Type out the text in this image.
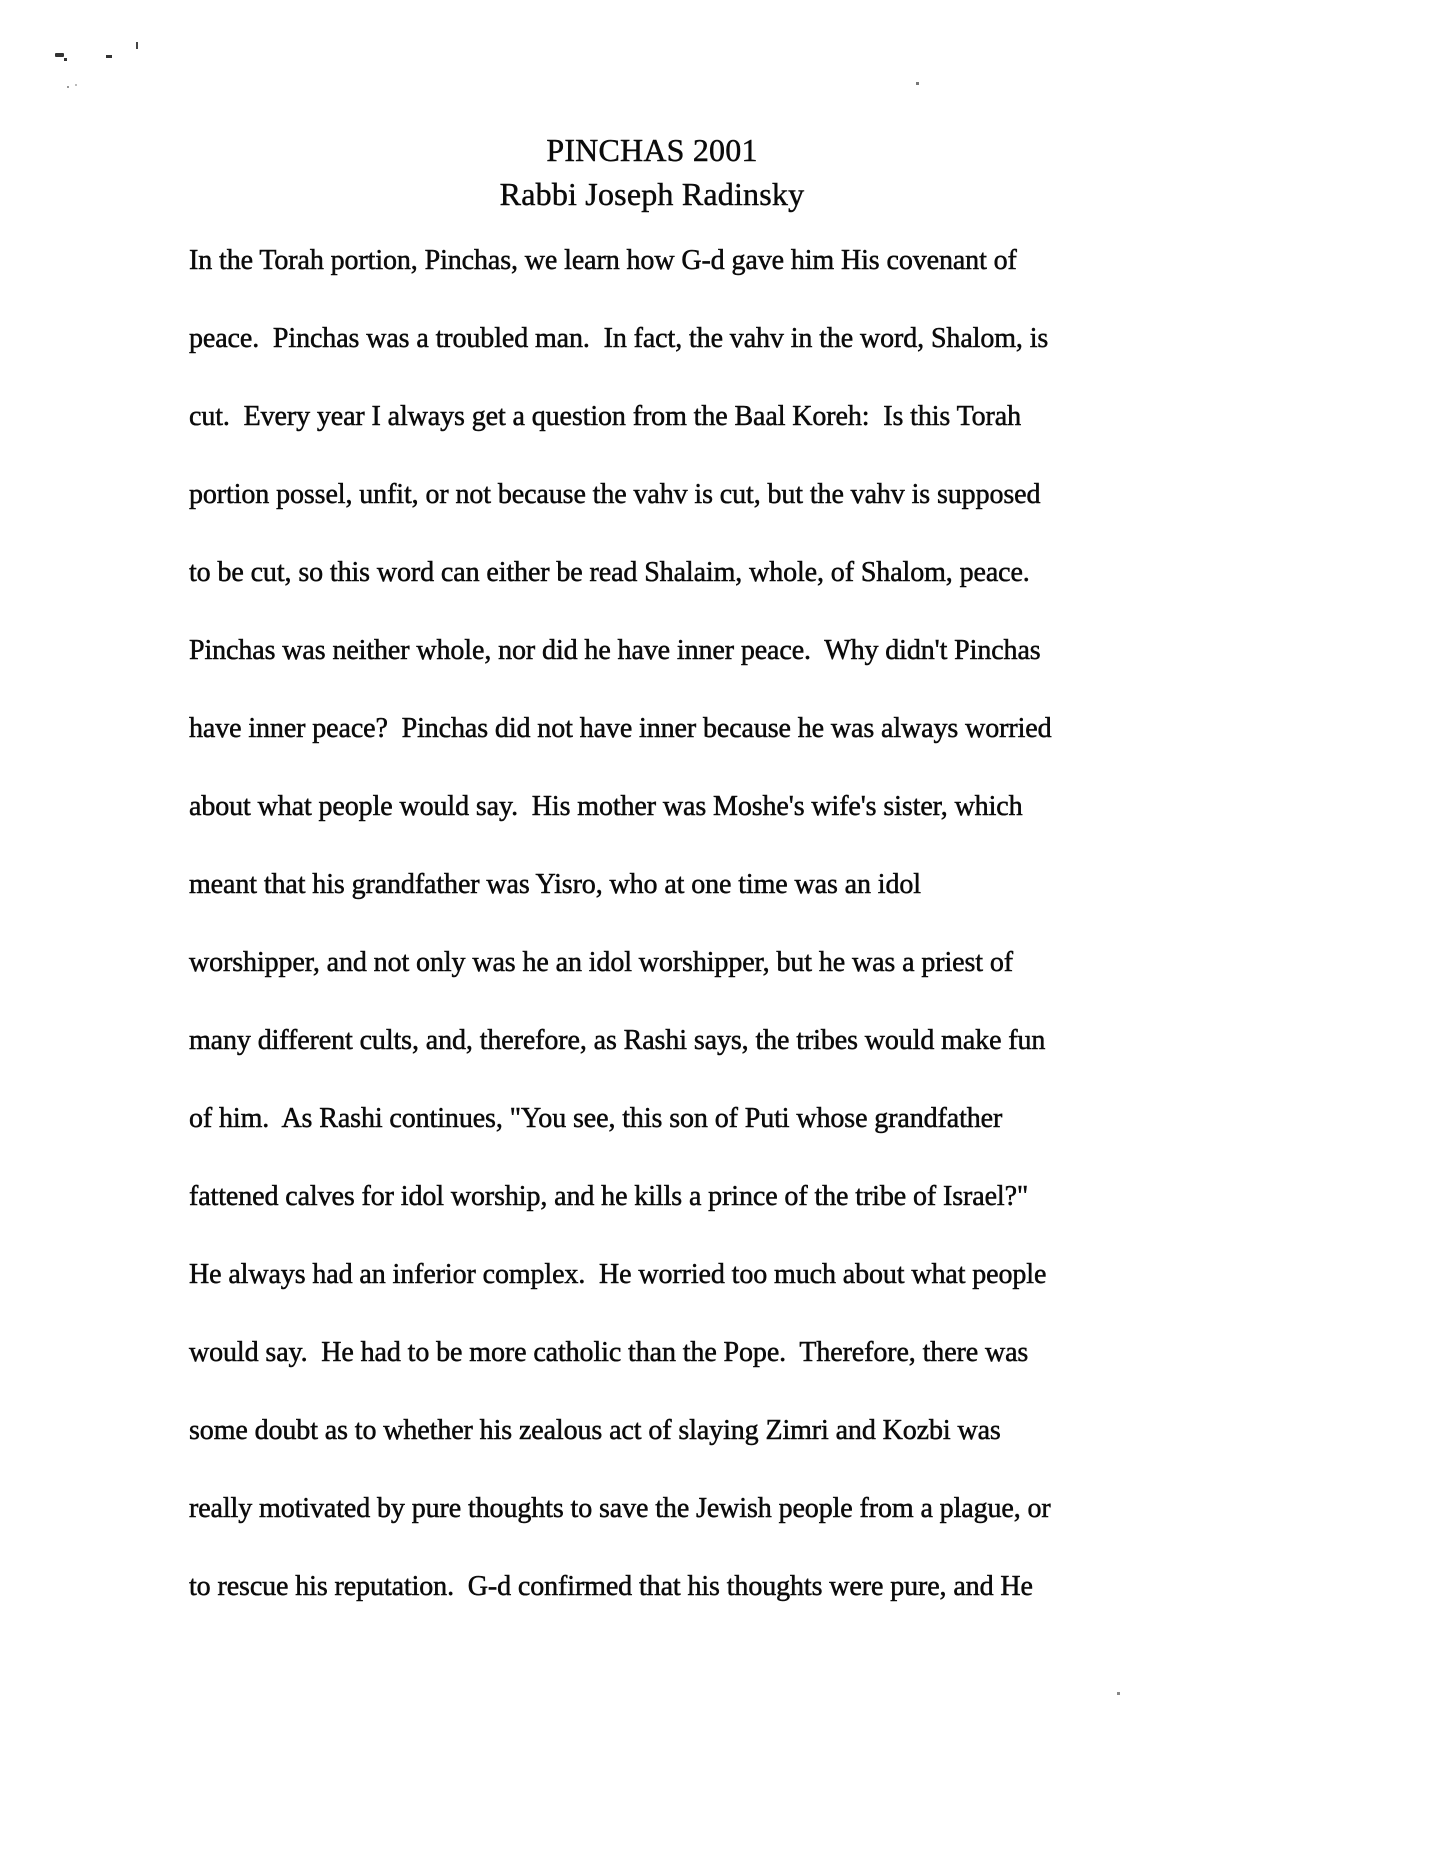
PINCHAS 2001
Rabbi Joseph Radinsky
In the Torah portion, Pinchas, we learn how G-d gave him His covenant of
peace.  Pinchas was a troubled man.  In fact, the vahv in the word, Shalom, is
cut.  Every year I always get a question from the Baal Koreh:  Is this Torah
portion possel, unfit, or not because the vahv is cut, but the vahv is supposed
to be cut, so this word can either be read Shalaim, whole, of Shalom, peace.
Pinchas was neither whole, nor did he have inner peace.  Why didn't Pinchas
have inner peace?  Pinchas did not have inner because he was always worried
about what people would say.  His mother was Moshe's wife's sister, which
meant that his grandfather was Yisro, who at one time was an idol
worshipper, and not only was he an idol worshipper, but he was a priest of
many different cults, and, therefore, as Rashi says, the tribes would make fun
of him.  As Rashi continues, "You see, this son of Puti whose grandfather
fattened calves for idol worship, and he kills a prince of the tribe of Israel?"
He always had an inferior complex.  He worried too much about what people
would say.  He had to be more catholic than the Pope.  Therefore, there was
some doubt as to whether his zealous act of slaying Zimri and Kozbi was
really motivated by pure thoughts to save the Jewish people from a plague, or
to rescue his reputation.  G-d confirmed that his thoughts were pure, and He
